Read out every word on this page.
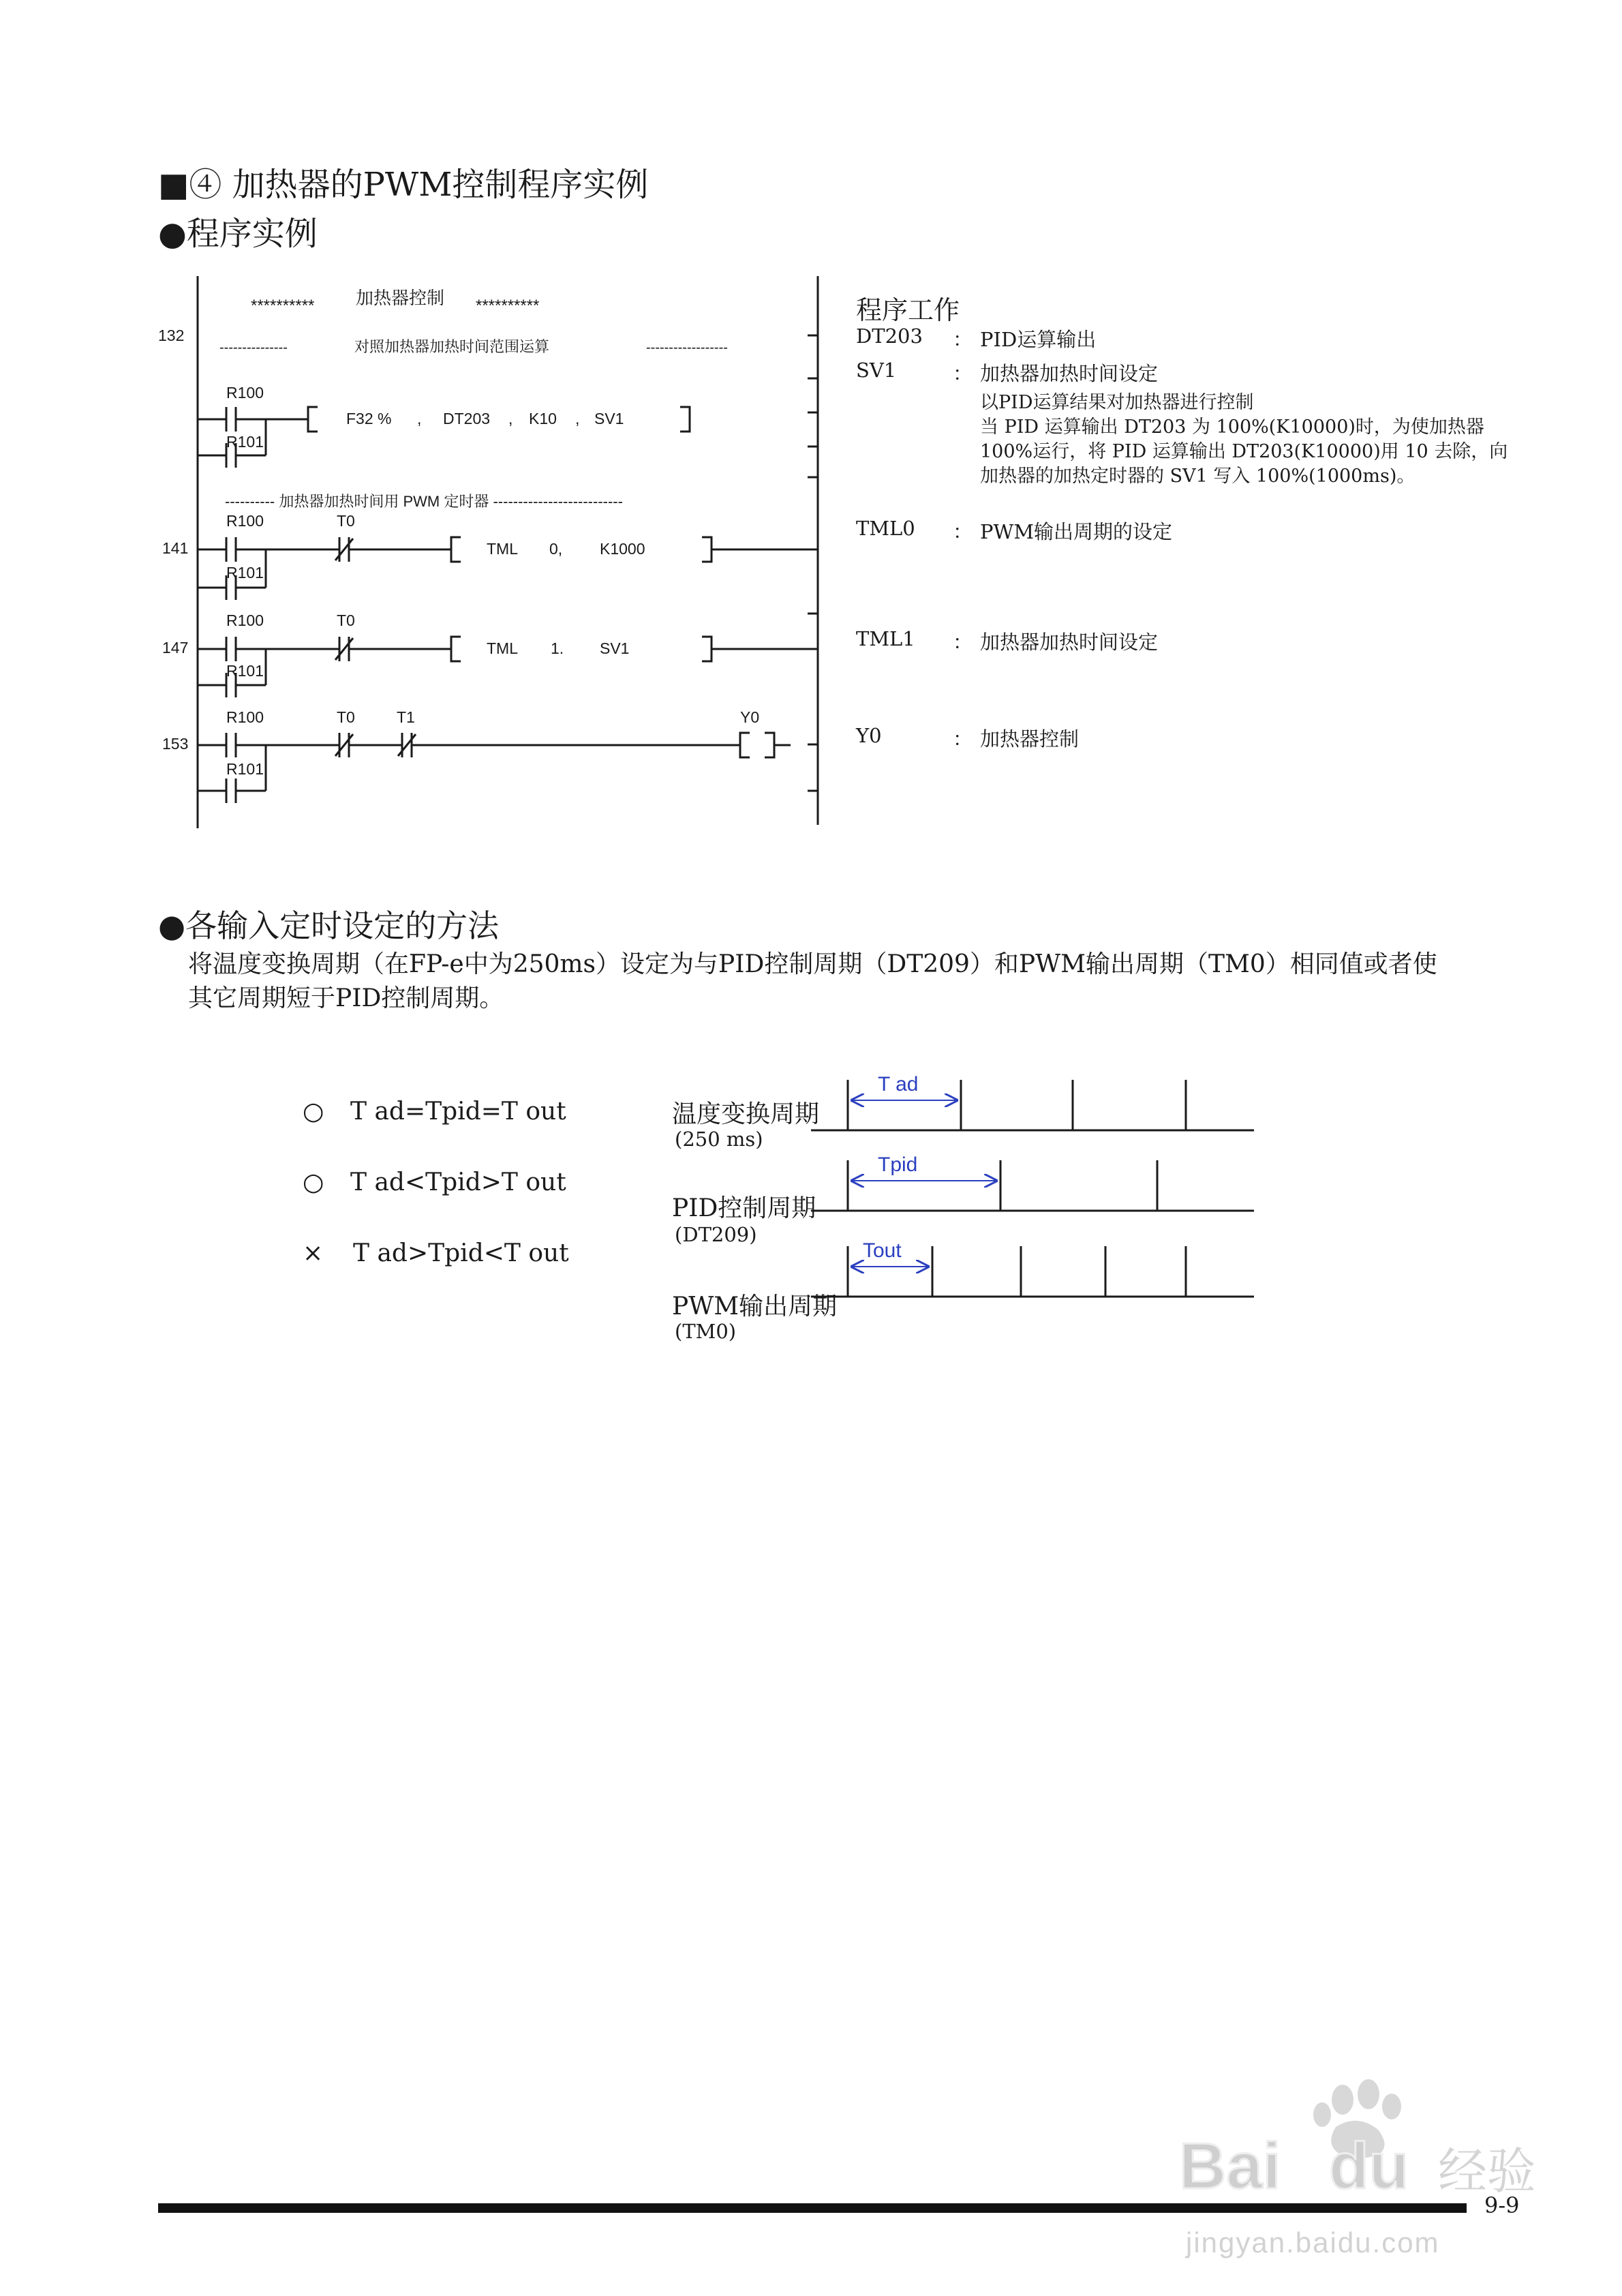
■④ 加热器的PWM控制程序实例
●程序实例
132
141
147
153
********** 加热器控制 **********
---------------	对照加热器加热时间范围运算	------------------
R100
R101
F32 % , DT203 , K10 , SV1
---------- 加热器加热时间用 PWM 定时器 --------------------------
R100
R101
T0
TML 0, K1000
R100
R101
T0
TML 1. SV1
R100
R101
T0	T1	Y0
程序工作
DT203 ： PID运算输出
SV1	： 加热器加热时间设定
以PID运算结果对加热器进行控制
当 PID 运算输出 DT203 为 100%(K10000)时，为使加热器
100%运行，将 PID 运算输出 DT203(K10000)用 10 去除，向
加热器的加热定时器的 SV1 写入 100%(1000ms)。
TML0 ： PWM输出周期的设定
TML1 ： 加热器加热时间设定
Y0	： 加热器控制
●各输入定时设定的方法
将温度变换周期（在FP-e中为250ms）设定为与PID控制周期（DT209）和PWM输出周期（TM0）相同值或者使
其它周期短于PID控制周期。
○ T ad=Tpid=T out
○ T ad<Tpid>T out
× T ad>Tpid<T out
温度变换周期
(250 ms)
PID控制周期
(DT209)
PWM输出周期
(TM0)
T ad
Tpid
Tout
Bai du 经验
jingyan.baidu.com
9-9
